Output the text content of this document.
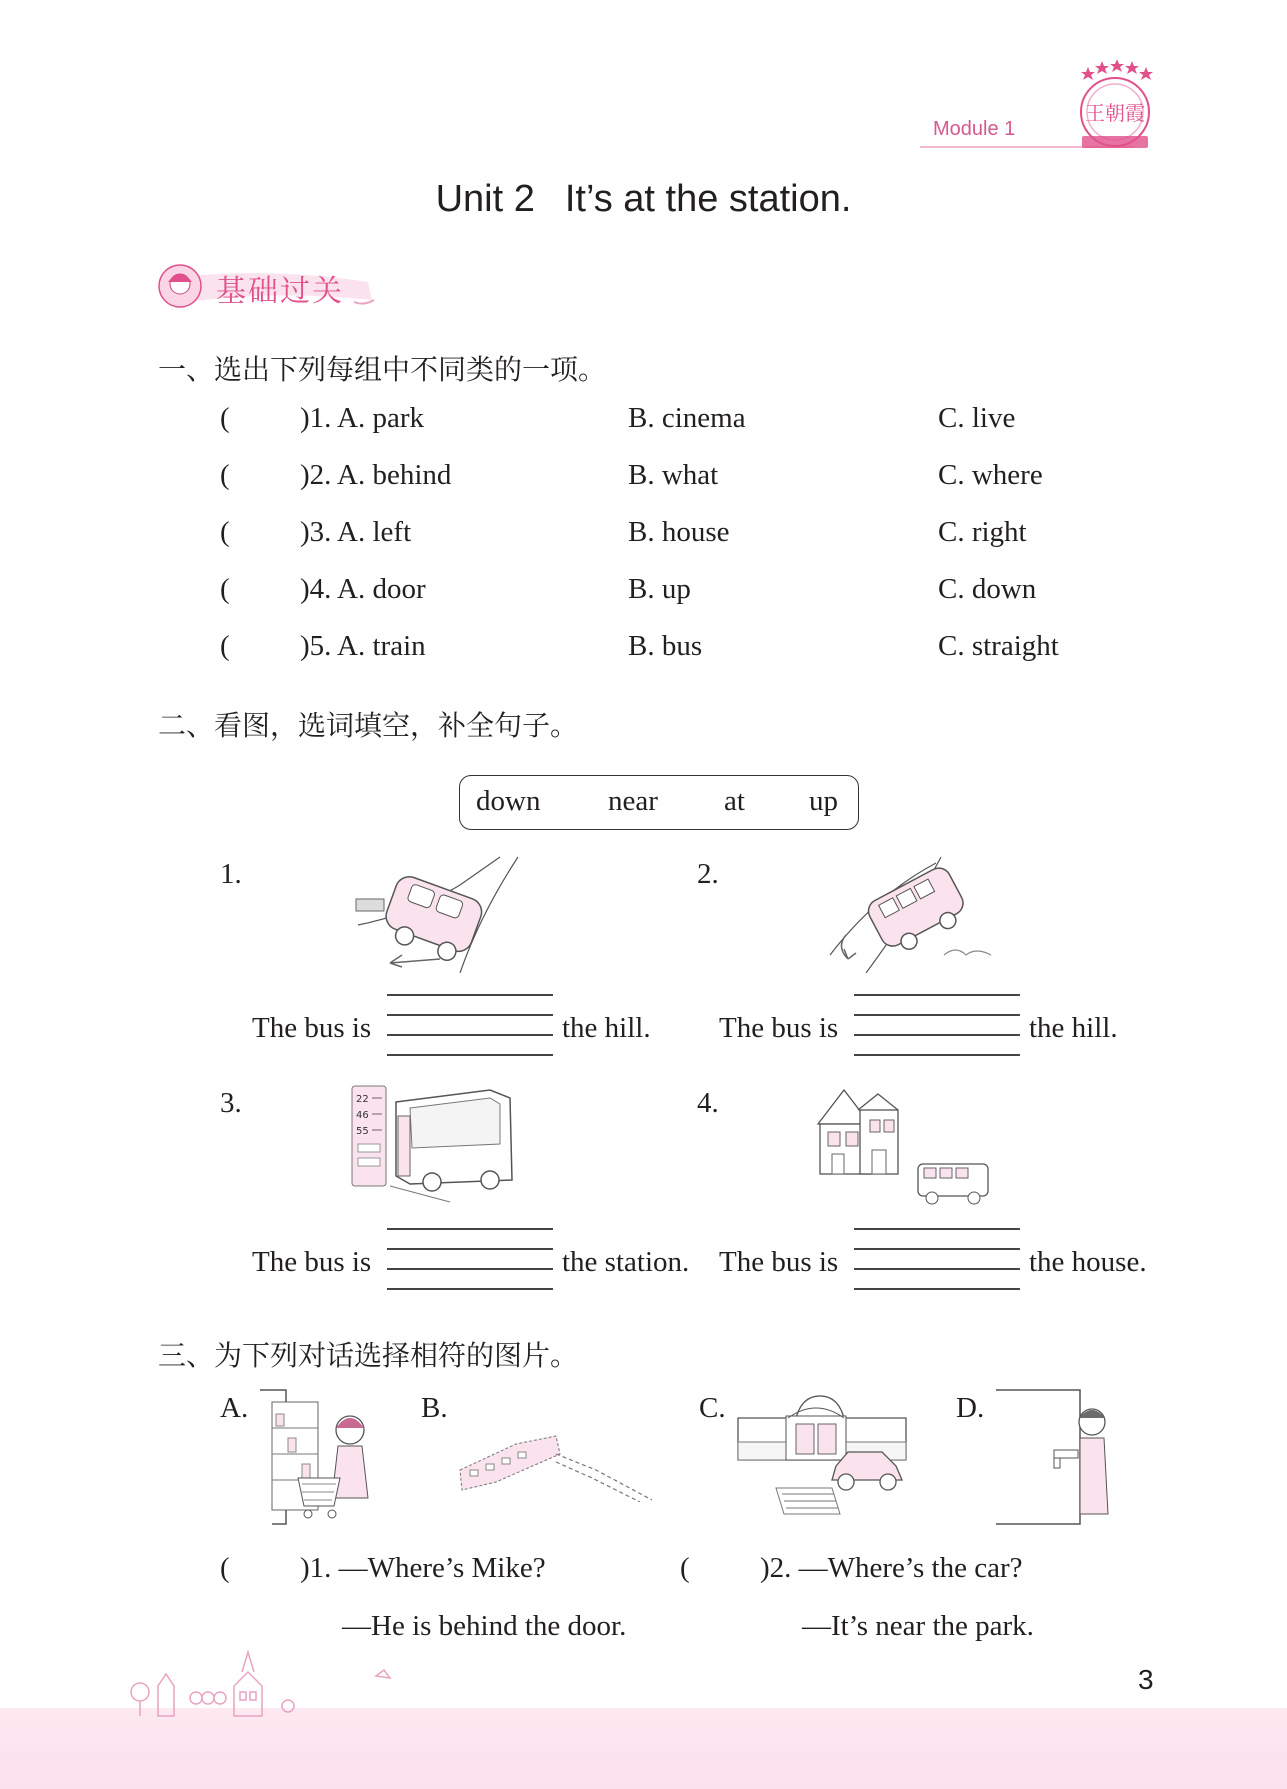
Module 1
王朝霞
Unit 2 It’s at the station.
基础过关
一、选出下列每组中不同类的一项。
( )1. A. park	B. cinema	C. live
( )2. A. behind	B. what	C. where
( )3. A. left	B. house	C. right
( )4. A. door	B. up	C. down
( )5. A. train	B. bus	C. straight
二、看图，选词填空，补全句子。
down near at up
1.
The bus is	the hill.
2.
The bus is	the hill.
3.	22
46
55
The bus is	the station.
4.
The bus is	the house.
三、为下列对话选择相符的图片。
A.	B.	C.	D.
( )1. —Where’s Mike?
—He is behind the door.
( )2. —Where’s the car?
—It’s near the park.
3
